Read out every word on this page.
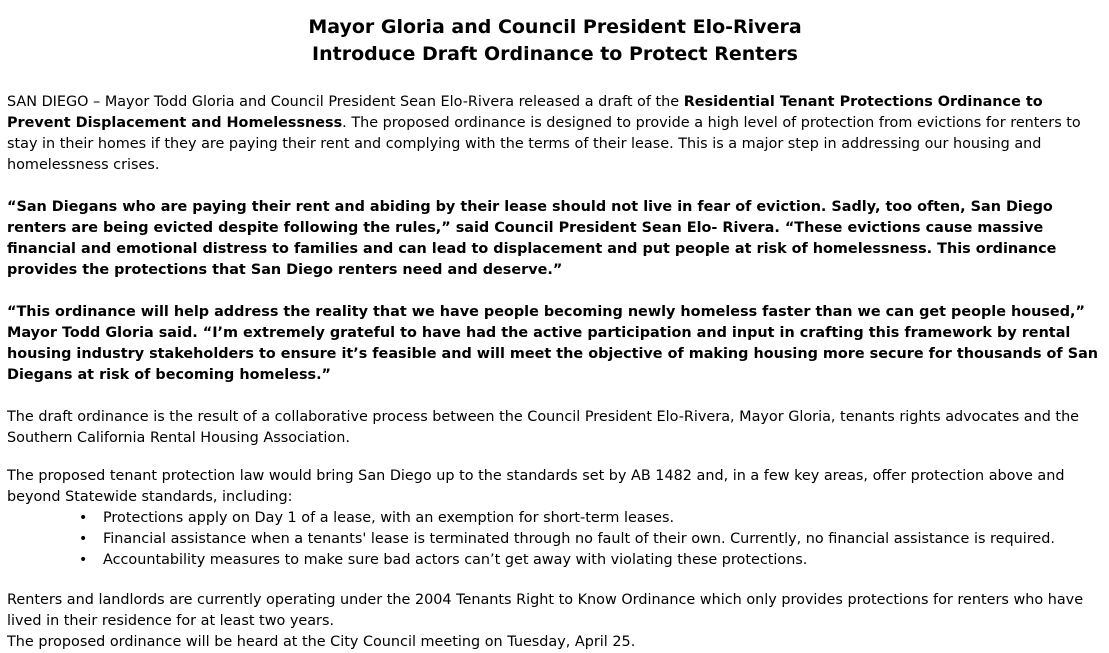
Mayor Gloria and Council President Elo-Rivera

Introduce Draft Ordinance to Protect Renters

SAN DIEGO – Mayor Todd Gloria and Council President Sean Elo-Rivera released a draft of the Residential Tenant Protections Ordinance to Prevent Displacement and Homelessness. The proposed ordinance is designed to provide a high level of protection from evictions for renters to stay in their homes if they are paying their rent and complying with the terms of their lease. This is a major step in addressing our housing and homelessness crises.

“San Diegans who are paying their rent and abiding by their lease should not live in fear of eviction. Sadly, too often, San Diego renters are being evicted despite following the rules,” said Council President Sean Elo- Rivera. “These evictions cause massive financial and emotional distress to families and can lead to displacement and put people at risk of homelessness. This ordinance provides the protections that San Diego renters need and deserve.”

“This ordinance will help address the reality that we have people becoming newly homeless faster than we can get people housed,” Mayor Todd Gloria said. “I’m extremely grateful to have had the active participation and input in crafting this framework by rental housing industry stakeholders to ensure it’s feasible and will meet the objective of making housing more secure for thousands of San Diegans at risk of becoming homeless.”

The draft ordinance is the result of a collaborative process between the Council President Elo-Rivera, Mayor Gloria, tenants rights advocates and the Southern California Rental Housing Association.

The proposed tenant protection law would bring San Diego up to the standards set by AB 1482 and, in a few key areas, offer protection above and beyond Statewide standards, including:

• Protections apply on Day 1 of a lease, with an exemption for short-term leases.
• Financial assistance when a tenants' lease is terminated through no fault of their own. Currently, no financial assistance is required.
• Accountability measures to make sure bad actors can’t get away with violating these protections.

Renters and landlords are currently operating under the 2004 Tenants Right to Know Ordinance which only provides protections for renters who have lived in their residence for at least two years.

The proposed ordinance will be heard at the City Council meeting on Tuesday, April 25.
